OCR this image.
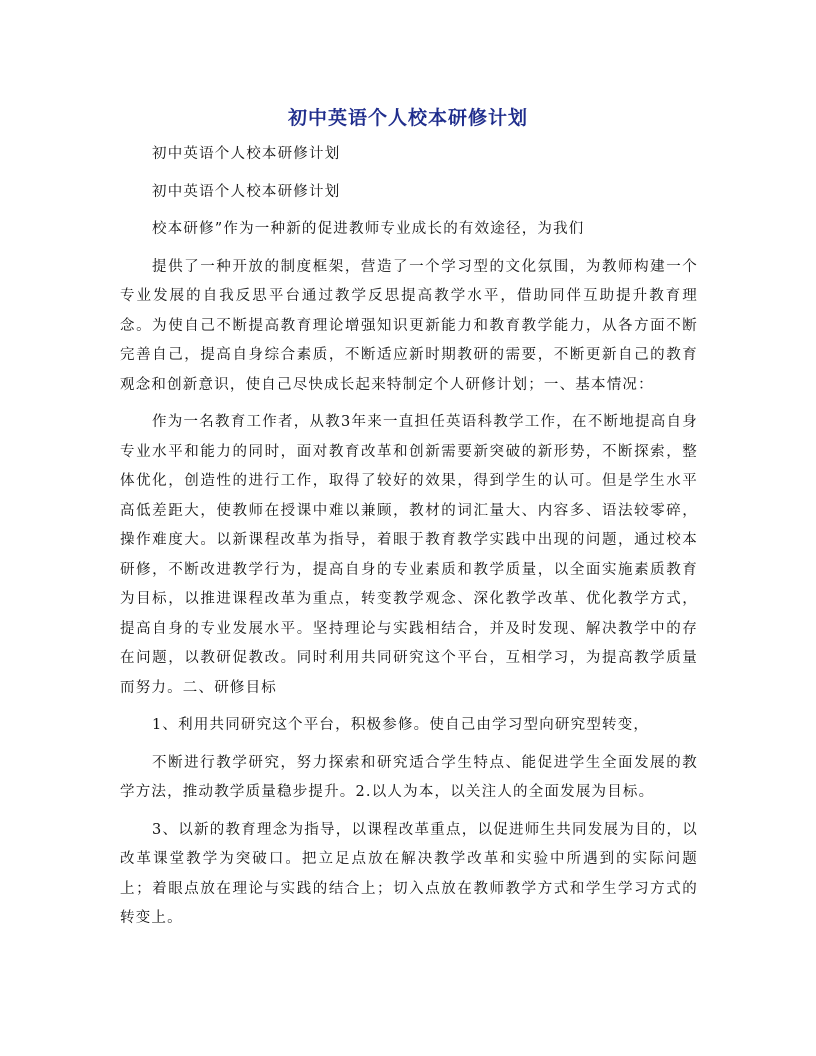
初中英语个人校本研修计划

初中英语个人校本研修计划

初中英语个人校本研修计划

校本研修”作为一种新的促进教师专业成长的有效途径，为我们

提供了一种开放的制度框架，营造了一个学习型的文化氛围，为教师构建一个专业发展的自我反思平台通过教学反思提高教学水平，借助同伴互助提升教育理念。为使自己不断提高教育理论增强知识更新能力和教育教学能力，从各方面不断完善自己，提高自身综合素质，不断适应新时期教研的需要，不断更新自己的教育观念和创新意识，使自己尽快成长起来特制定个人研修计划；一、基本情况：

作为一名教育工作者，从教3年来一直担任英语科教学工作，在不断地提高自身专业水平和能力的同时，面对教育改革和创新需要新突破的新形势，不断探索，整体优化，创造性的进行工作，取得了较好的效果，得到学生的认可。但是学生水平高低差距大，使教师在授课中难以兼顾，教材的词汇量大、内容多、语法较零碎，操作难度大。以新课程改革为指导，着眼于教育教学实践中出现的问题，通过校本研修，不断改进教学行为，提高自身的专业素质和教学质量，以全面实施素质教育为目标，以推进课程改革为重点，转变教学观念、深化教学改革、优化教学方式，提高自身的专业发展水平。坚持理论与实践相结合，并及时发现、解决教学中的存在问题，以教研促教改。同时利用共同研究这个平台，互相学习，为提高教学质量而努力。二、研修目标

1、利用共同研究这个平台，积极参修。使自己由学习型向研究型转变，

不断进行教学研究，努力探索和研究适合学生特点、能促进学生全面发展的教学方法，推动教学质量稳步提升。2.以人为本，以关注人的全面发展为目标。

3、以新的教育理念为指导，以课程改革重点，以促进师生共同发展为目的，以改革课堂教学为突破口。把立足点放在解决教学改革和实验中所遇到的实际问题上；着眼点放在理论与实践的结合上；切入点放在教师教学方式和学生学习方式的转变上。
